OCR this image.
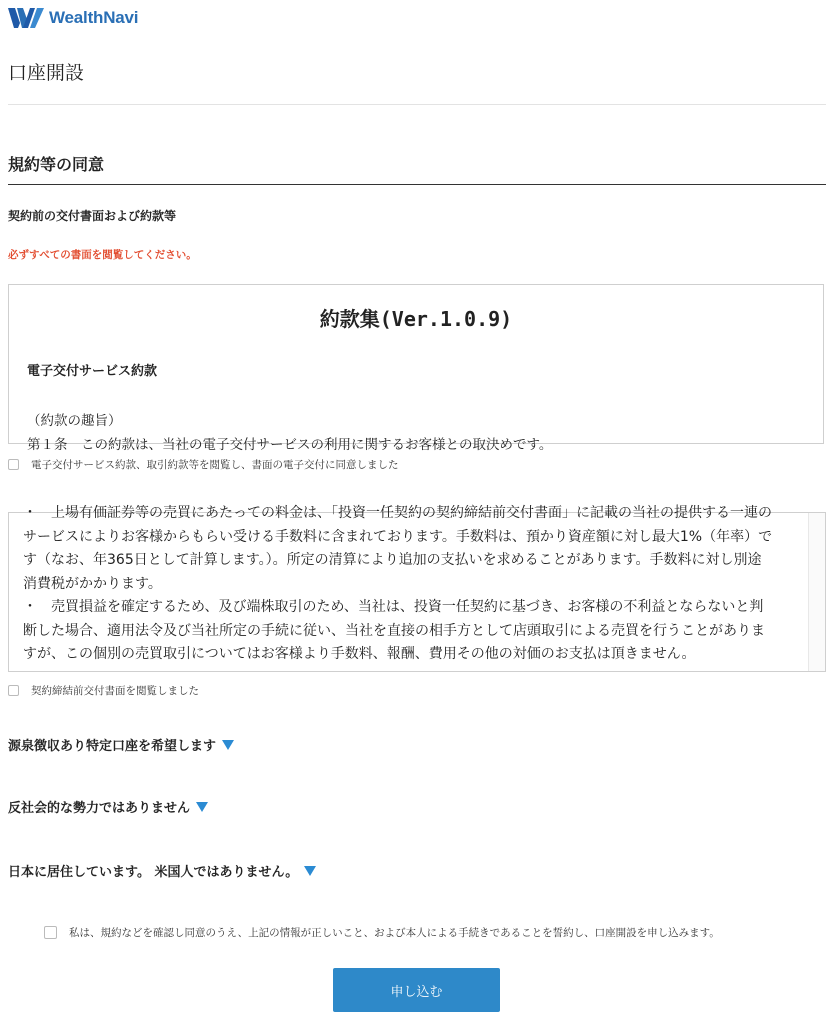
WealthNavi
口座開設
規約等の同意
契約前の交付書面および約款等
必ずすべての書面を閲覧してください。
約款集(Ver.1.0.9)
電子交付サービス約款
（約款の趣旨）
第１条　この約款は、当社の電子交付サービスの利用に関するお客様との取決めです。
電子交付サービス約款、取引約款等を閲覧し、書面の電子交付に同意しました

・　上場有価証券等の売買にあたっての料金は、「投資一任契約の契約締結前交付書面」に記載の当社の提供する一連のサービスによりお客様からもらい受ける手数料に含まれております。手数料は、預かり資産額に対し最大1%（年率）です（なお、年365日として計算します。）。所定の清算により追加の支払いを求めることがあります。手数料に対し別途消費税がかかります。

・　売買損益を確定するため、及び端株取引のため、当社は、投資一任契約に基づき、お客様の不利益とならないと判断した場合、適用法令及び当社所定の手続に従い、当社を直接の相手方として店頭取引による売買を行うことがありますが、この個別の売買取引についてはお客様より手数料、報酬、費用その他の対価のお支払は頂きません。

契約締結前交付書面を閲覧しました
源泉徴収あり特定口座を希望します
反社会的な勢力ではありません
日本に居住しています。 米国人ではありません。
私は、規約などを確認し同意のうえ、上記の情報が正しいこと、および本人による手続きであることを誓約し、口座開設を申し込みます。
申し込む
